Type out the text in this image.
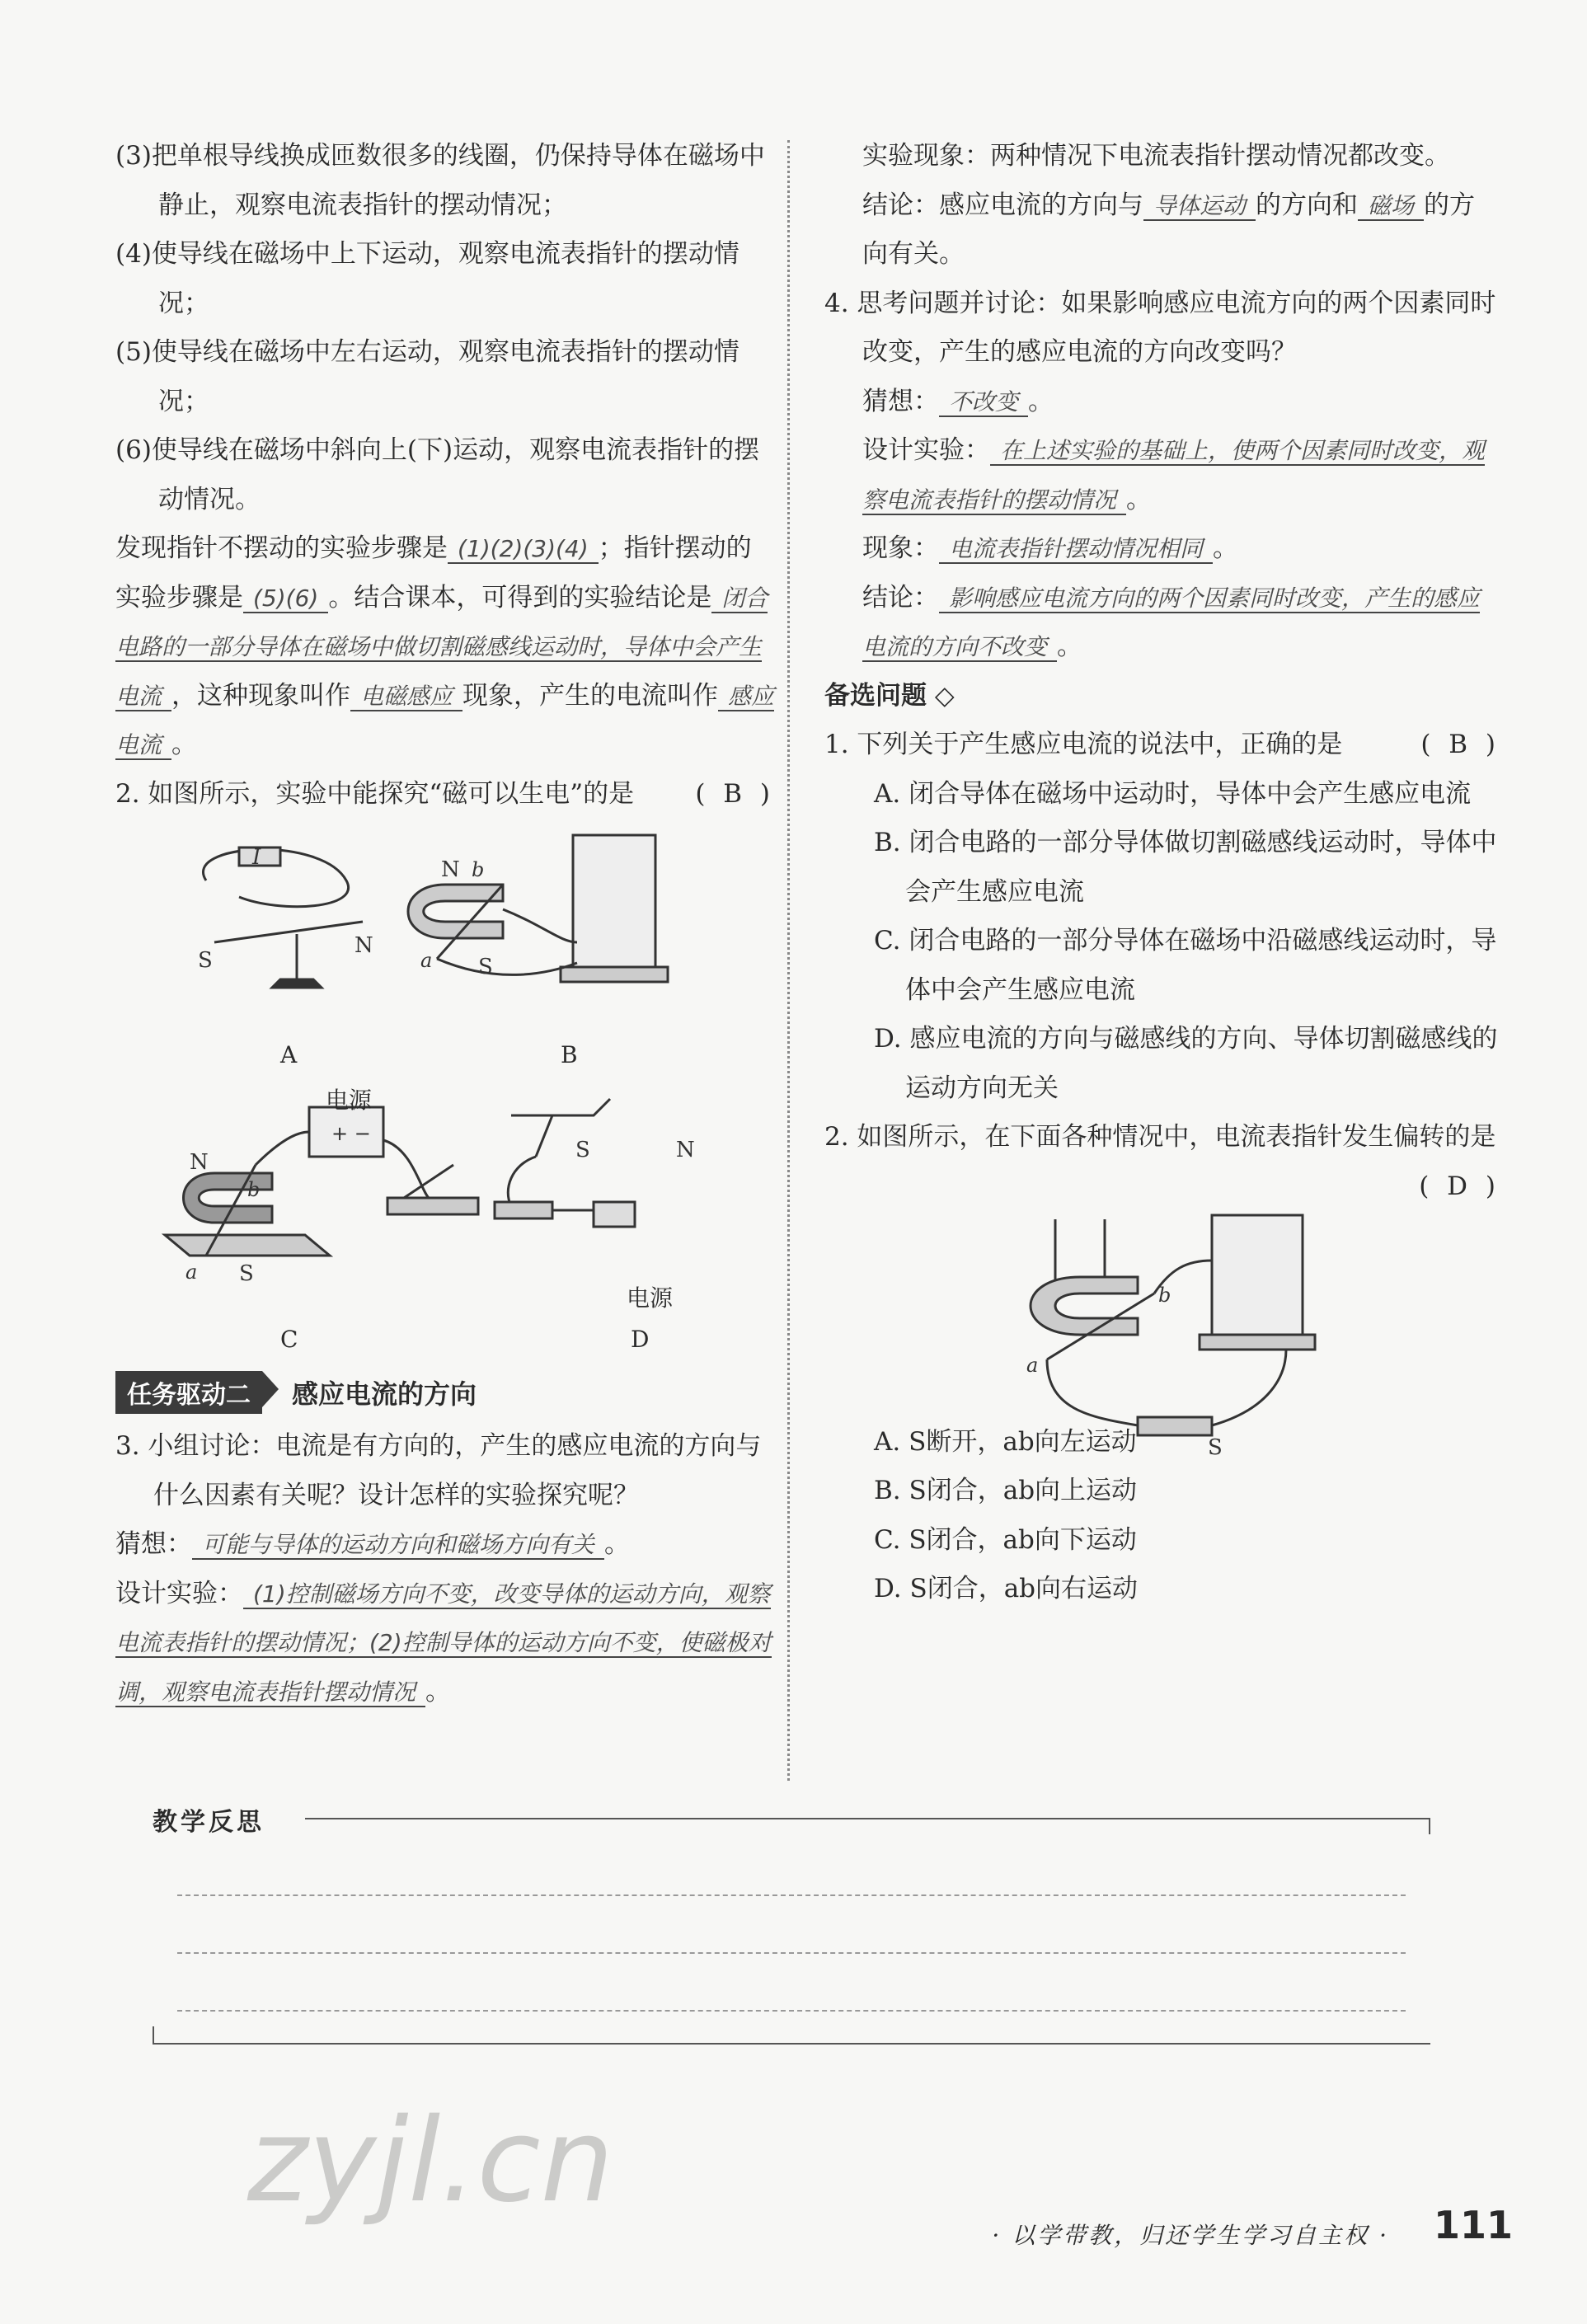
(3)把单根导线换成匝数很多的线圈，仍保持导体在磁场中静止，观察电流表指针的摆动情况；

(4)使导线在磁场中上下运动，观察电流表指针的摆动情况；

(5)使导线在磁场中左右运动，观察电流表指针的摆动情况；

(6)使导线在磁场中斜向上(下)运动，观察电流表指针的摆动情况。

发现指针不摆动的实验步骤是 (1)(2)(3)(4) ；指针摆动的实验步骤是 (5)(6) 。结合课本，可得到的实验结论是 闭合电路的一部分导体在磁场中做切割磁感线运动时，导体中会产生电流 ，这种现象叫作 电磁感应 现象，产生的电流叫作 感应电流 。

2. 如图所示，实验中能探究“磁可以生电”的是 ( B )

I
S
N
N b
a S
A	B
N
b
a S
+ −
S	N
电源
电源
C	D
任务驱动二 感应电流的方向

3. 小组讨论：电流是有方向的，产生的感应电流的方向与什么因素有关呢？设计怎样的实验探究呢？

猜想： 可能与导体的运动方向和磁场方向有关 。

设计实验： (1)控制磁场方向不变，改变导体的运动方向，观察电流表指针的摆动情况；(2)控制导体的运动方向不变，使磁极对调，观察电流表指针摆动情况 。

实验现象：两种情况下电流表指针摆动情况都改变。

结论：感应电流的方向与 导体运动 的方向和 磁场 的方向有关。

4. 思考问题并讨论：如果影响感应电流方向的两个因素同时改变，产生的感应电流的方向改变吗？

猜想： 不改变 。

设计实验： 在上述实验的基础上，使两个因素同时改变，观察电流表指针的摆动情况 。

现象： 电流表指针摆动情况相同 。

结论： 影响感应电流方向的两个因素同时改变，产生的感应电流的方向不改变 。

备选问题 ◇

1. 下列关于产生感应电流的说法中，正确的是	( B )

A. 闭合导体在磁场中运动时，导体中会产生感应电流

B. 闭合电路的一部分导体做切割磁感线运动时，导体中会产生感应电流

C. 闭合电路的一部分导体在磁场中沿磁感线运动时，导体中会产生感应电流

D. 感应电流的方向与磁感线的方向、导体切割磁感线的运动方向无关

2. 如图所示，在下面各种情况中，电流表指针发生偏转的是
( D )

b
a
S

A. S断开，ab向左运动

B. S闭合，ab向上运动

C. S闭合，ab向下运动

D. S闭合，ab向右运动

教学反思
zyjl.cn
· 以学带教，归还学生学习自主权 · 111
